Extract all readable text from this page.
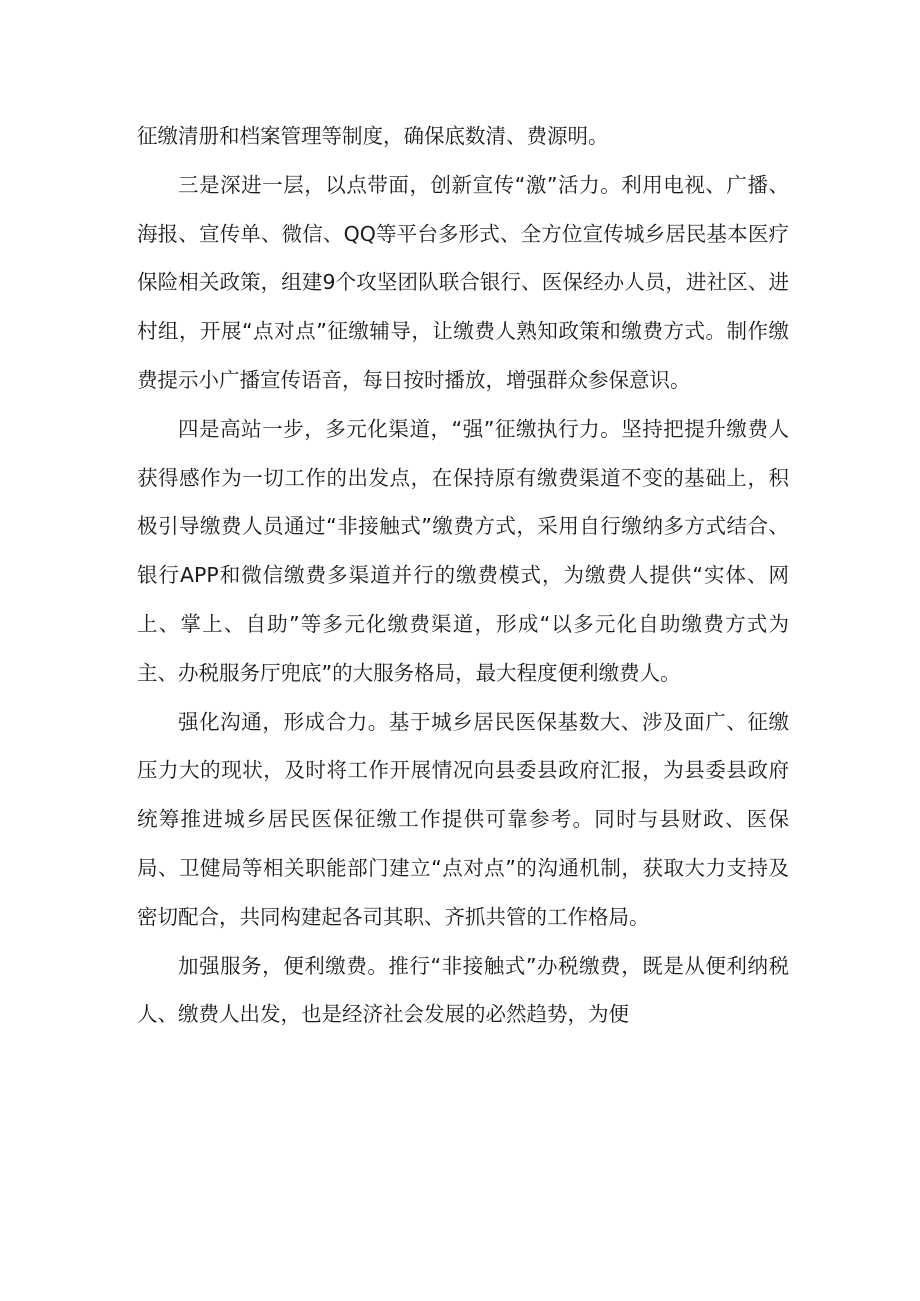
征缴清册和档案管理等制度，确保底数清、费源明。

三是深进一层，以点带面，创新宣传“激”活力。利用电视、广播、海报、宣传单、微信、QQ等平台多形式、全方位宣传城乡居民基本医疗保险相关政策，组建9个攻坚团队联合银行、医保经办人员，进社区、进村组，开展“点对点”征缴辅导，让缴费人熟知政策和缴费方式。制作缴费提示小广播宣传语音，每日按时播放，增强群众参保意识。

四是高站一步，多元化渠道，“强”征缴执行力。坚持把提升缴费人获得感作为一切工作的出发点，在保持原有缴费渠道不变的基础上，积极引导缴费人员通过“非接触式”缴费方式，采用自行缴纳多方式结合、银行APP和微信缴费多渠道并行的缴费模式，为缴费人提供“实体、网上、掌上、自助”等多元化缴费渠道，形成“以多元化自助缴费方式为主、办税服务厅兜底”的大服务格局，最大程度便利缴费人。

强化沟通，形成合力。基于城乡居民医保基数大、涉及面广、征缴压力大的现状，及时将工作开展情况向县委县政府汇报，为县委县政府统筹推进城乡居民医保征缴工作提供可靠参考。同时与县财政、医保局、卫健局等相关职能部门建立“点对点”的沟通机制，获取大力支持及密切配合，共同构建起各司其职、齐抓共管的工作格局。

加强服务，便利缴费。推行“非接触式”办税缴费，既是从便利纳税人、缴费人出发，也是经济社会发展的必然趋势，为便
